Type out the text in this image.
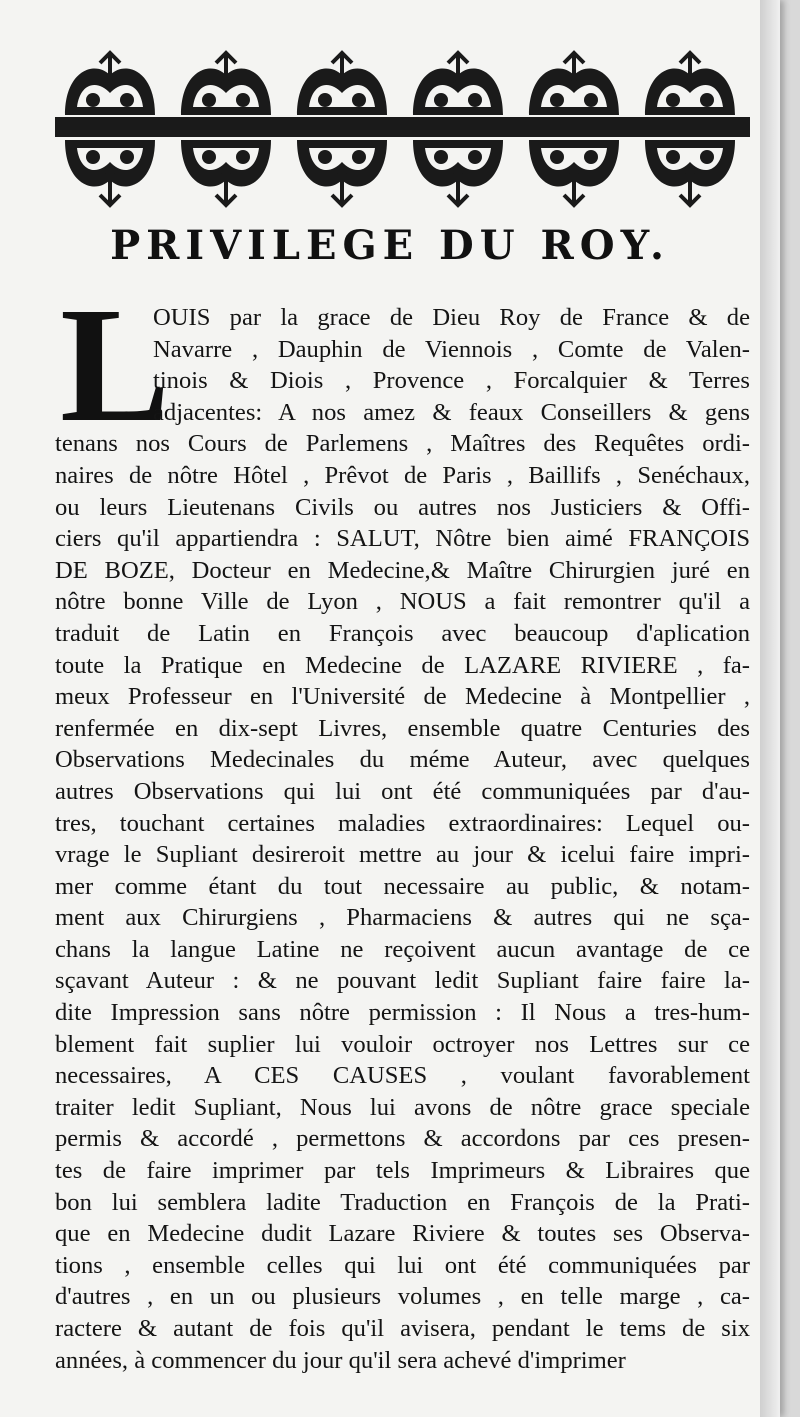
PRIVILEGE DU ROY.
L
OUIS par la grace de Dieu Roy de France & de
Navarre , Dauphin de Viennois , Comte de Valen-
tinois & Diois , Provence , Forcalquier & Terres
adjacentes: A nos amez & feaux Conseillers & gens
tenans nos Cours de Parlemens , Maîtres des Requêtes ordi-
naires de nôtre Hôtel , Prêvot de Paris , Baillifs , Senéchaux,
ou leurs Lieutenans Civils ou autres nos Justiciers & Offi-
ciers qu'il appartiendra : SALUT, Nôtre bien aimé FRANÇOIS
DE BOZE, Docteur en Medecine,& Maître Chirurgien juré en
nôtre bonne Ville de Lyon , NOUS a fait remontrer qu'il a
traduit de Latin en François avec beaucoup d'aplication
toute la Pratique en Medecine de LAZARE RIVIERE , fa-
meux Professeur en l'Université de Medecine à Montpellier ,
renfermée en dix-sept Livres, ensemble quatre Centuries des
Observations Medecinales du méme Auteur, avec quelques
autres Observations qui lui ont été communiquées par d'au-
tres, touchant certaines maladies extraordinaires: Lequel ou-
vrage le Supliant desireroit mettre au jour & icelui faire impri-
mer comme étant du tout necessaire au public, & notam-
ment aux Chirurgiens , Pharmaciens & autres qui ne sça-
chans la langue Latine ne reçoivent aucun avantage de ce
sçavant Auteur : & ne pouvant ledit Supliant faire faire la-
dite Impression sans nôtre permission : Il Nous a tres-hum-
blement fait suplier lui vouloir octroyer nos Lettres sur ce
necessaires, A CES CAUSES , voulant favorablement
traiter ledit Supliant, Nous lui avons de nôtre grace speciale
permis & accordé , permettons & accordons par ces presen-
tes de faire imprimer par tels Imprimeurs & Libraires que
bon lui semblera ladite Traduction en François de la Prati-
que en Medecine dudit Lazare Riviere & toutes ses Observa-
tions , ensemble celles qui lui ont été communiquées par
d'autres , en un ou plusieurs volumes , en telle marge , ca-
ractere & autant de fois qu'il avisera, pendant le tems de six
années, à commencer du jour qu'il sera achevé d'imprimer
